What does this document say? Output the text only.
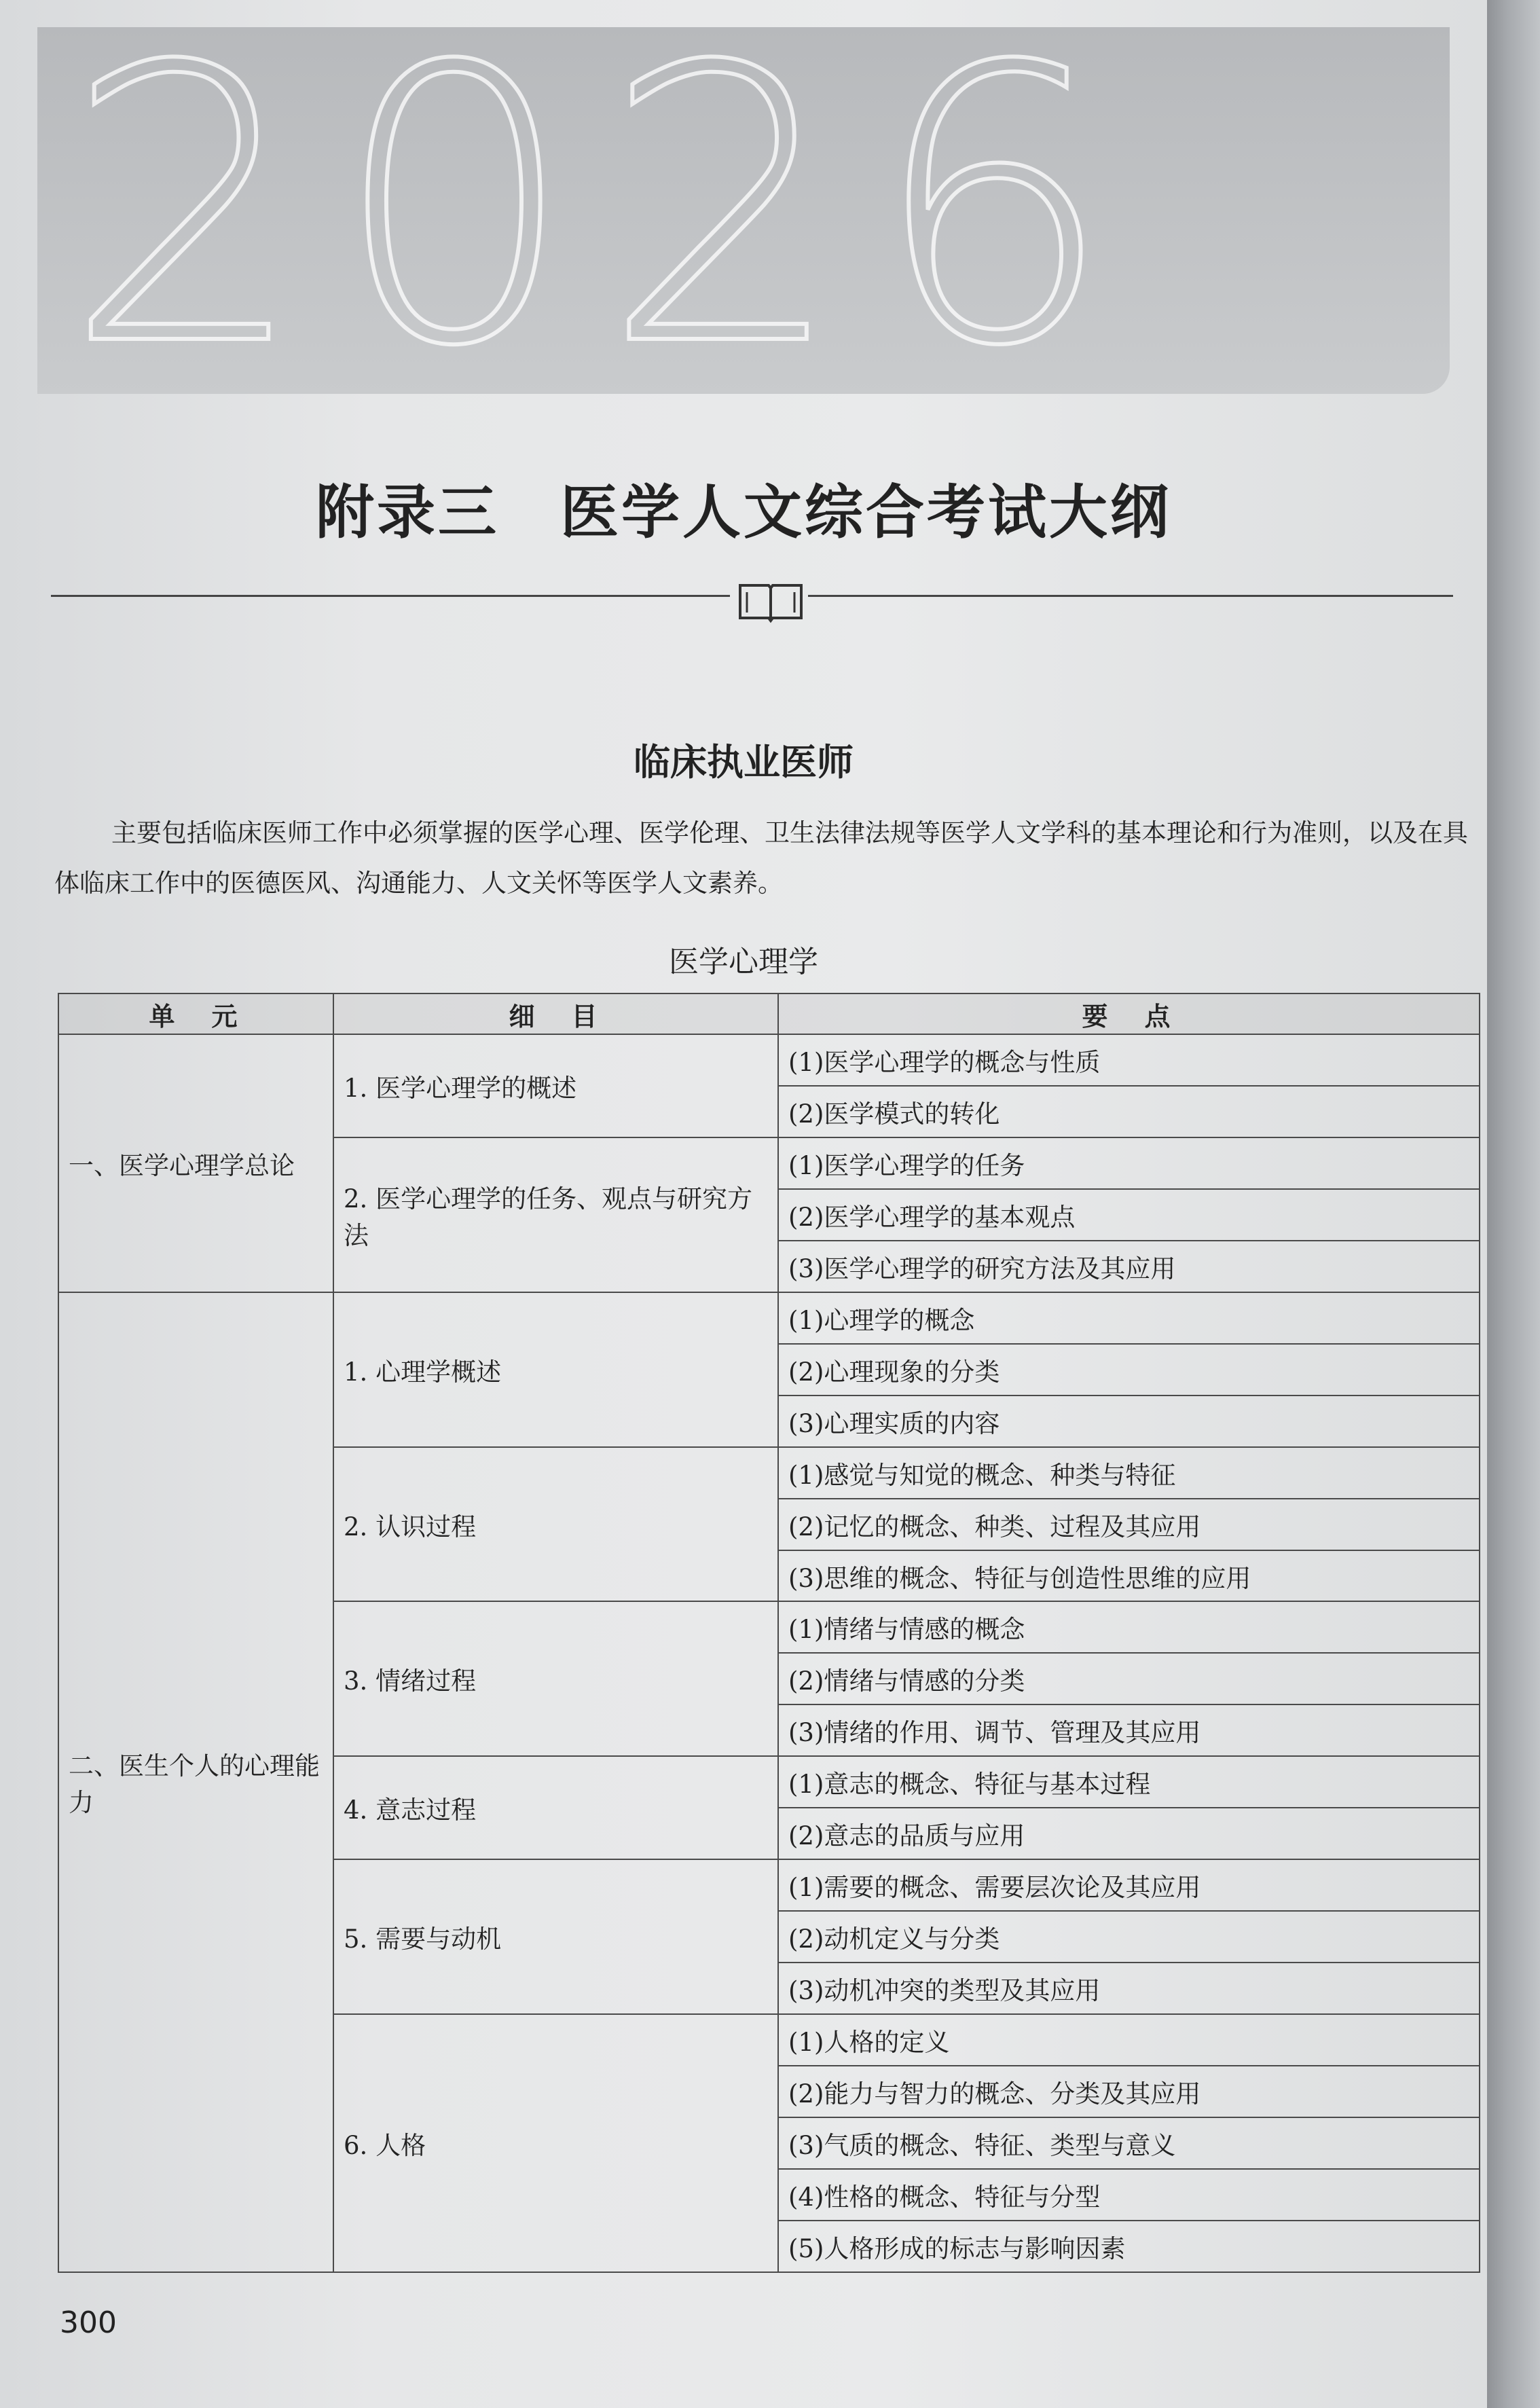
2026
附录三 医学人文综合考试大纲
临床执业医师
主要包括临床医师工作中必须掌握的医学心理、医学伦理、卫生法律法规等医学人文学科的基本理论和行为准则，以及在具体临床工作中的医德医风、沟通能力、人文关怀等医学人文素养。
医学心理学
单　元	细　目	要　点
一、医学心理学总论	1. 医学心理学的概述	(1)医学心理学的概念与性质
		(2)医学模式的转化
	2. 医学心理学的任务、观点与研究方法	(1)医学心理学的任务
		(2)医学心理学的基本观点
		(3)医学心理学的研究方法及其应用
二、医生个人的心理能力	1. 心理学概述	(1)心理学的概念
		(2)心理现象的分类
		(3)心理实质的内容
	2. 认识过程	(1)感觉与知觉的概念、种类与特征
		(2)记忆的概念、种类、过程及其应用
		(3)思维的概念、特征与创造性思维的应用
	3. 情绪过程	(1)情绪与情感的概念
		(2)情绪与情感的分类
		(3)情绪的作用、调节、管理及其应用
	4. 意志过程	(1)意志的概念、特征与基本过程
		(2)意志的品质与应用
	5. 需要与动机	(1)需要的概念、需要层次论及其应用
		(2)动机定义与分类
		(3)动机冲突的类型及其应用
	6. 人格	(1)人格的定义
		(2)能力与智力的概念、分类及其应用
		(3)气质的概念、特征、类型与意义
		(4)性格的概念、特征与分型
		(5)人格形成的标志与影响因素
300
